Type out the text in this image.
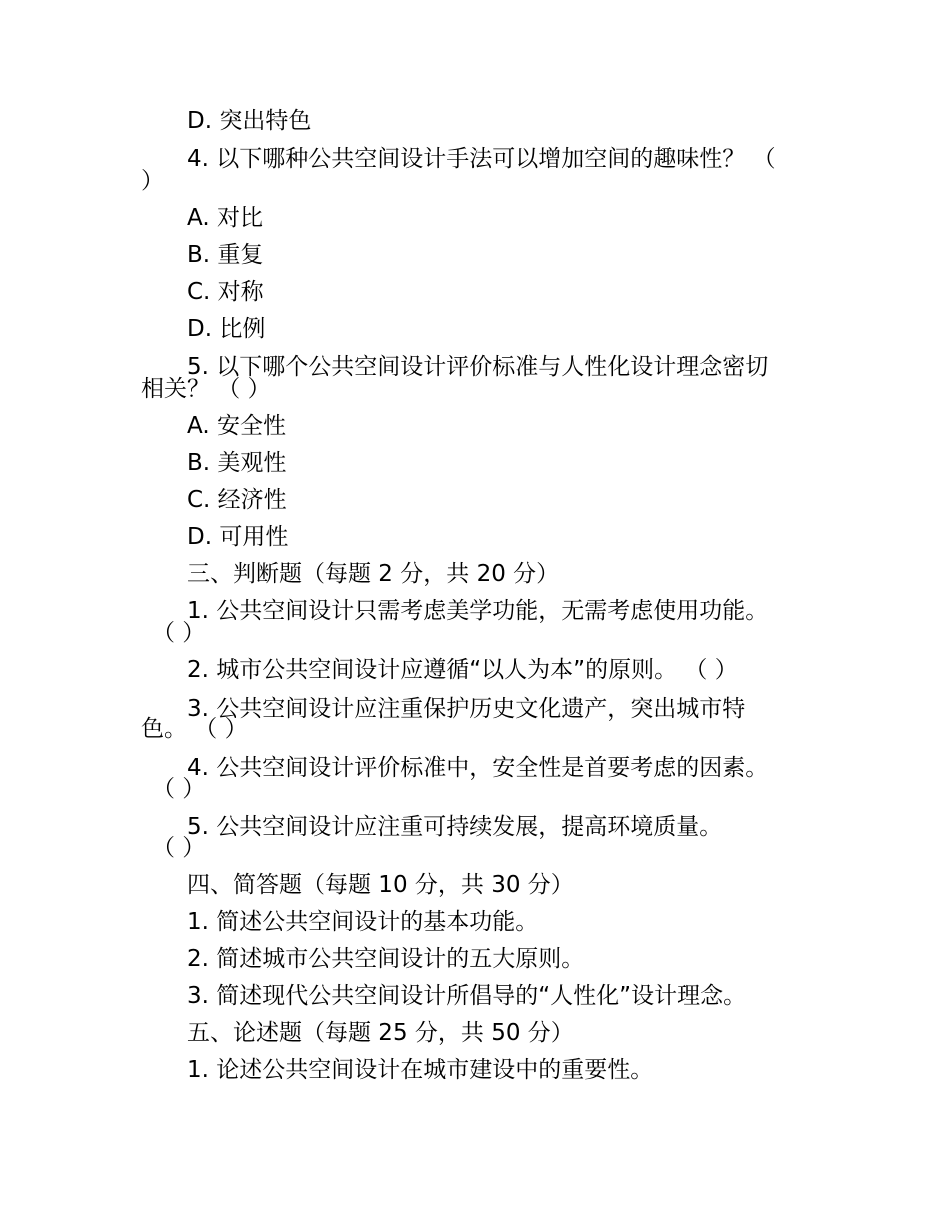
D. 突出特色
4. 以下哪种公共空间设计手法可以增加空间的趣味性？ （
）
A. 对比
B. 重复
C. 对称
D. 比例
5. 以下哪个公共空间设计评价标准与人性化设计理念密切
相关？ （ ）
A. 安全性
B. 美观性
C. 经济性
D. 可用性
三、判断题（每题 2 分，共 20 分）
1. 公共空间设计只需考虑美学功能，无需考虑使用功能。
（ ）
2. 城市公共空间设计应遵循“以人为本”的原则。 （ ）
3. 公共空间设计应注重保护历史文化遗产，突出城市特
色。 （ ）
4. 公共空间设计评价标准中，安全性是首要考虑的因素。
（ ）
5. 公共空间设计应注重可持续发展，提高环境质量。
（ ）
四、简答题（每题 10 分，共 30 分）
1. 简述公共空间设计的基本功能。
2. 简述城市公共空间设计的五大原则。
3. 简述现代公共空间设计所倡导的“人性化”设计理念。
五、论述题（每题 25 分，共 50 分）
1. 论述公共空间设计在城市建设中的重要性。
